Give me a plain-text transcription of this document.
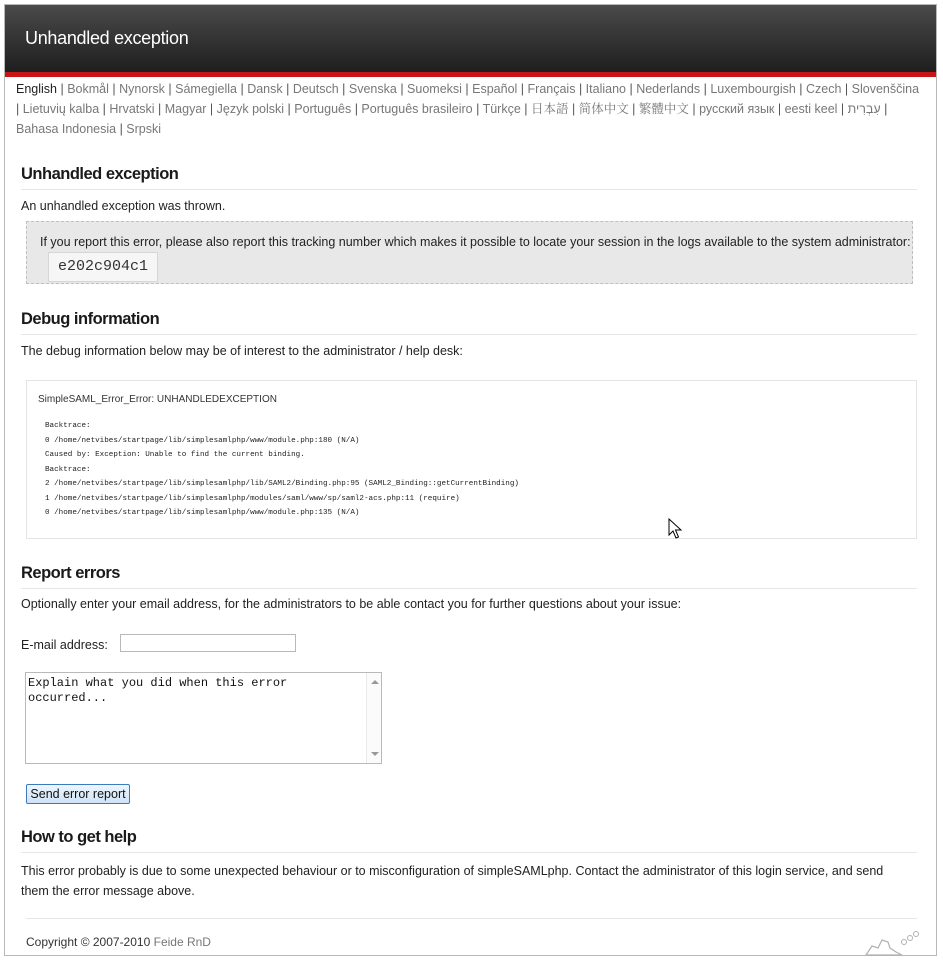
Unhandled exception
English | Bokmål | Nynorsk | Sámegiella | Dansk | Deutsch | Svenska | Suomeksi | Español | Français | Italiano | Nederlands | Luxembourgish | Czech | Slovenščina | Lietuvių kalba | Hrvatski | Magyar | Język polski | Português | Português brasileiro | Türkçe | 日本語 | 简体中文 | 繁體中文 | русский язык | eesti keel | עִבְרִית | Bahasa Indonesia | Srpski
Unhandled exception

An unhandled exception was thrown.

If you report this error, please also report this tracking number which makes it possible to locate your session in the logs available to the system administrator:e202c904c1
Debug information

The debug information below may be of interest to the administrator / help desk:

SimpleSAML_Error_Error: UNHANDLEDEXCEPTION
Backtrace:
0 /home/netvibes/startpage/lib/simplesamlphp/www/module.php:180 (N/A)
Caused by: Exception: Unable to find the current binding.
Backtrace:
2 /home/netvibes/startpage/lib/simplesamlphp/lib/SAML2/Binding.php:95 (SAML2_Binding::getCurrentBinding)
1 /home/netvibes/startpage/lib/simplesamlphp/modules/saml/www/sp/saml2-acs.php:11 (require)
0 /home/netvibes/startpage/lib/simplesamlphp/www/module.php:135 (N/A)
Report errors

Optionally enter your email address, for the administrators to be able contact you for further questions about your issue:

E-mail address:
Explain what you did when this error occurred...
Send error report
How to get help

This error probably is due to some unexpected behaviour or to misconfiguration of simpleSAMLphp. Contact the administrator of this login service, and send them the error message above.

Copyright © 2007-2010 Feide RnD
